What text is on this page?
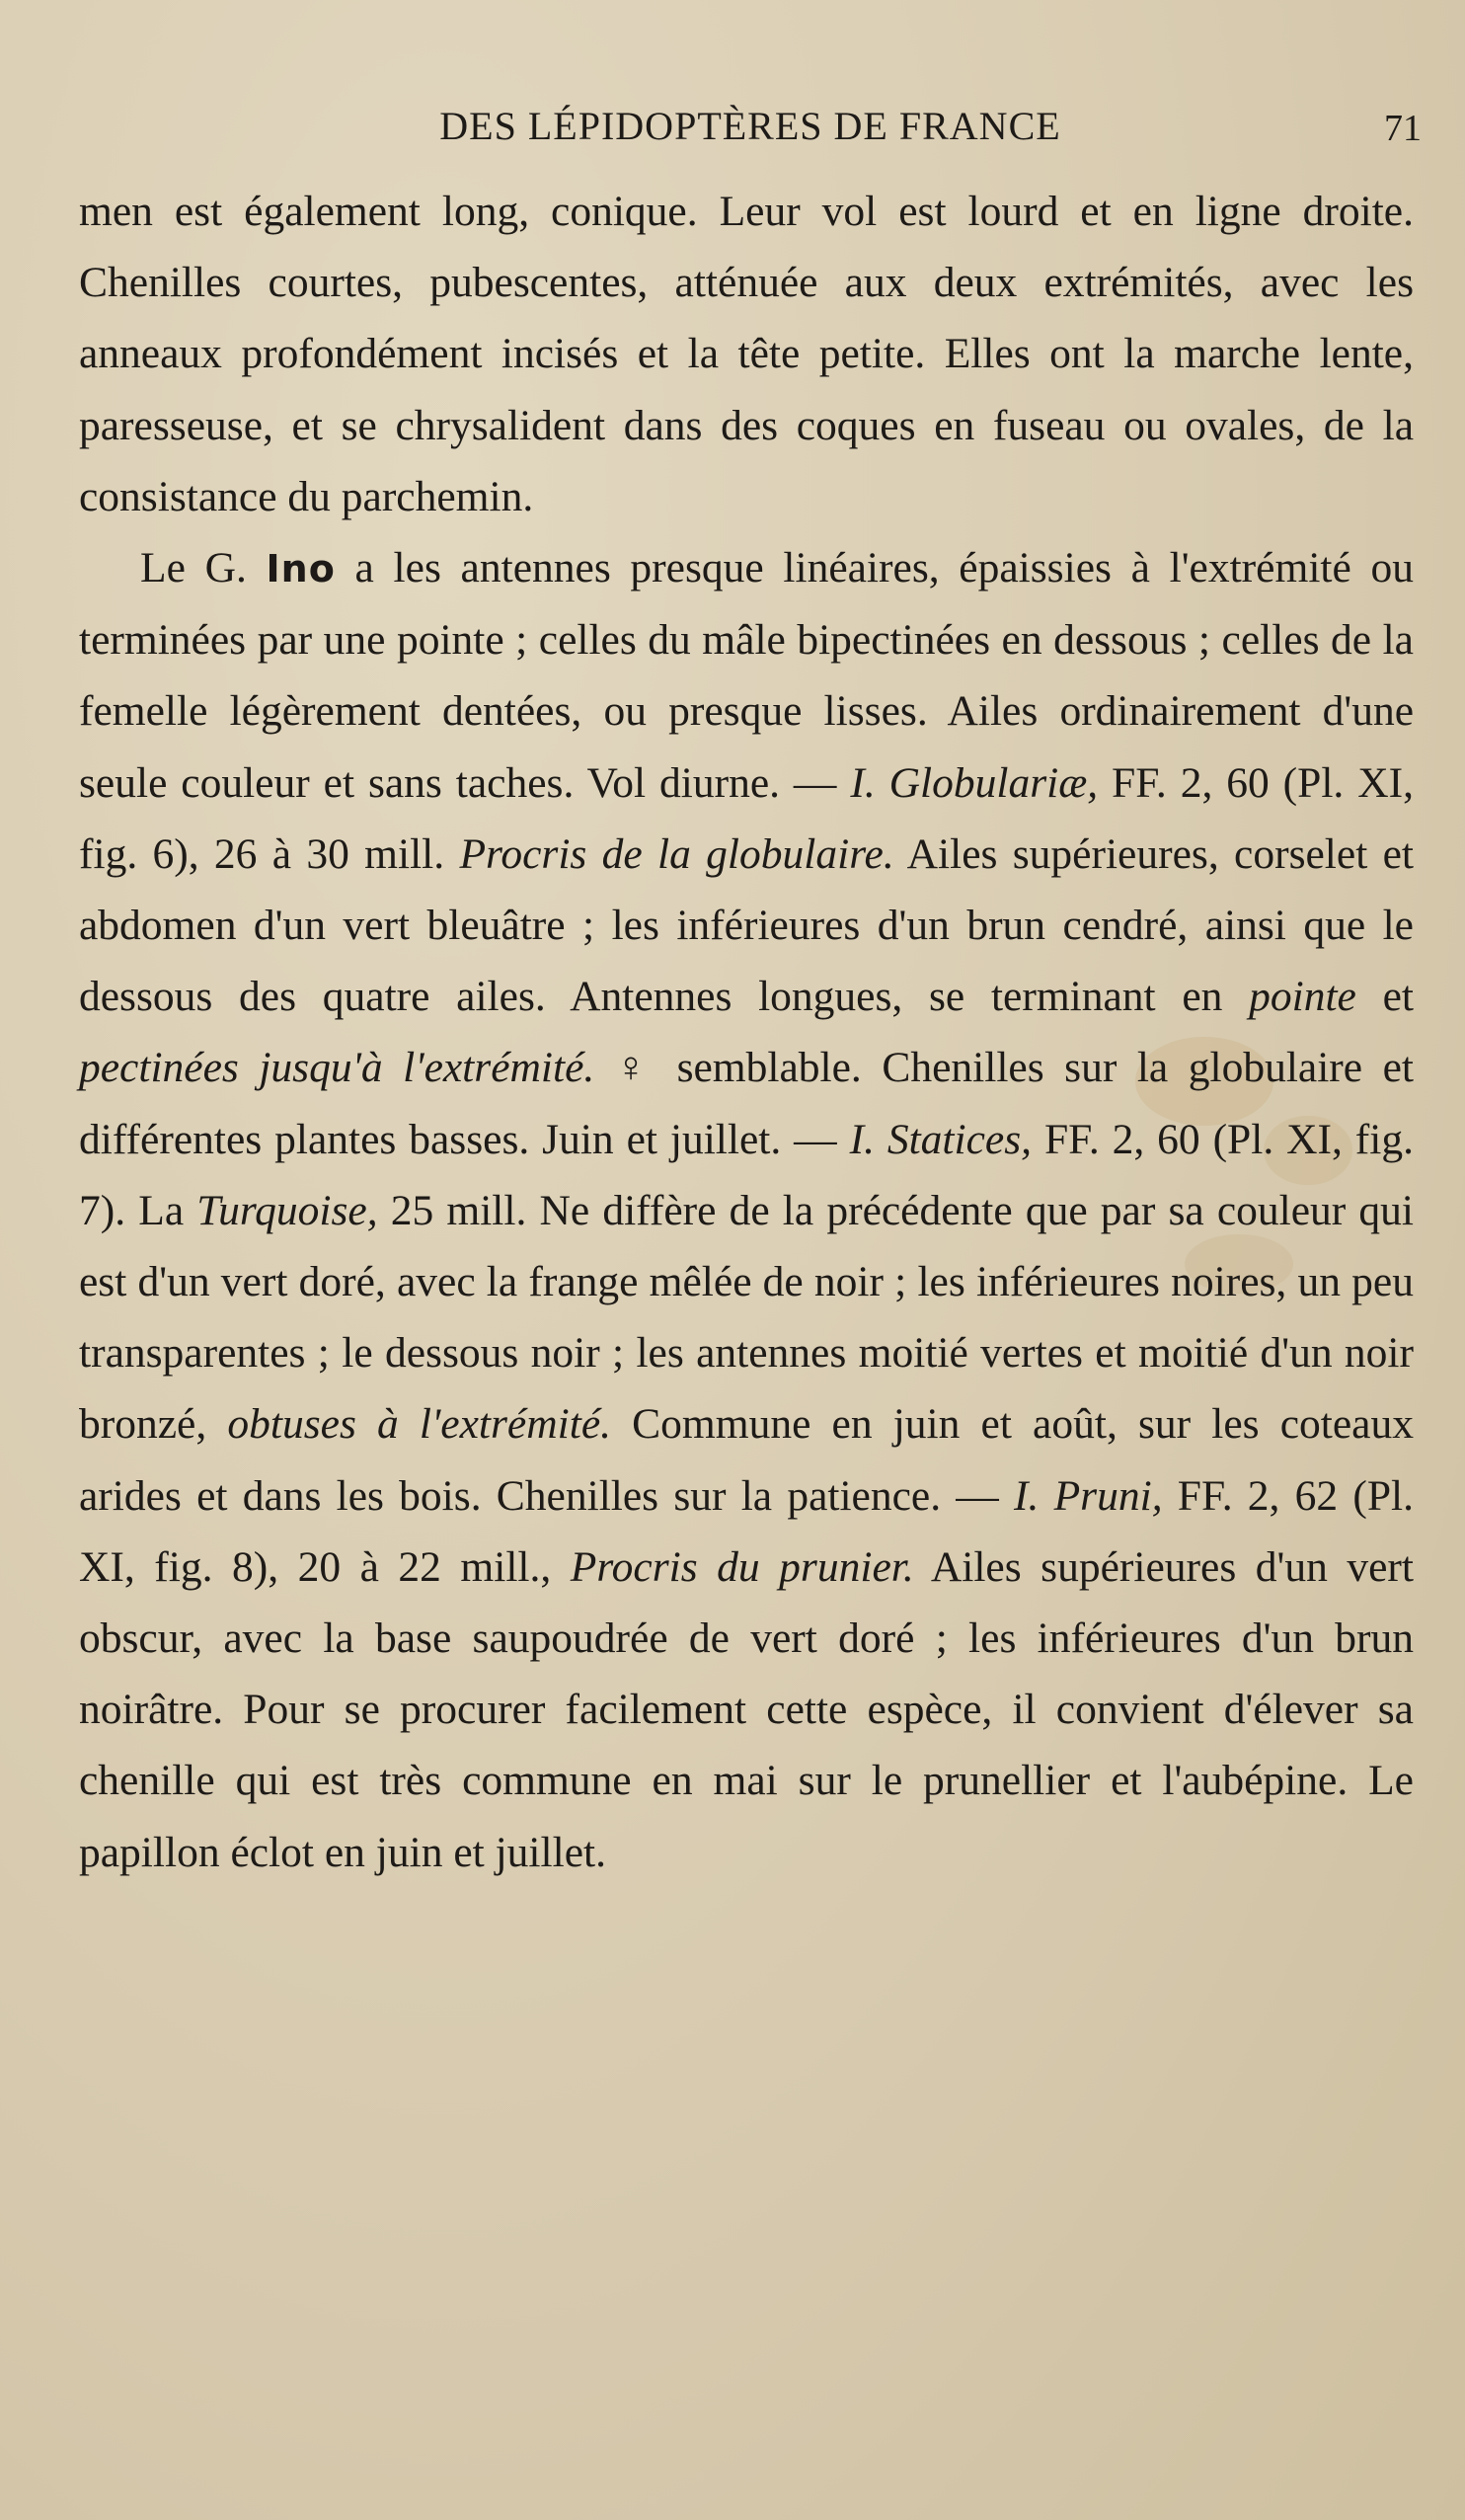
DES LÉPIDOPTÈRES DE FRANCE	71

men est également long, conique. Leur vol est lourd et en ligne droite. Chenilles courtes, pubescentes, atténuée aux deux extrémités, avec les anneaux profondément incisés et la tête petite. Elles ont la marche lente, paresseuse, et se chrysalident dans des coques en fuseau ou ovales, de la consistance du parchemin.

Le G. Ino a les antennes presque linéaires, épaissies à l'extrémité ou terminées par une pointe ; celles du mâle bipectinées en dessous ; celles de la femelle légèrement dentées, ou presque lisses. Ailes ordinairement d'une seule couleur et sans taches. Vol diurne. — I. Globulariæ, FF. 2, 60 (Pl. XI, fig. 6), 26 à 30 mill. Procris de la globulaire. Ailes supérieures, corselet et abdomen d'un vert bleuâtre ; les inférieures d'un brun cendré, ainsi que le dessous des quatre ailes. Antennes longues, se terminant en pointe et pectinées jusqu'à l'extrémité. ♀ semblable. Chenilles sur la globulaire et différentes plantes basses. Juin et juillet. — I. Statices, FF. 2, 60 (Pl. XI, fig. 7). La Turquoise, 25 mill. Ne diffère de la précédente que par sa couleur qui est d'un vert doré, avec la frange mêlée de noir ; les inférieures noires, un peu transparentes ; le dessous noir ; les antennes moitié vertes et moitié d'un noir bronzé, obtuses à l'extrémité. Commune en juin et août, sur les coteaux arides et dans les bois. Chenilles sur la patience. — I. Pruni, FF. 2, 62 (Pl. XI, fig. 8), 20 à 22 mill., Procris du prunier. Ailes supérieures d'un vert obscur, avec la base saupoudrée de vert doré ; les inférieures d'un brun noirâtre. Pour se procurer facilement cette espèce, il convient d'élever sa chenille qui est très commune en mai sur le prunellier et l'aubépine. Le papillon éclot en juin et juillet.
